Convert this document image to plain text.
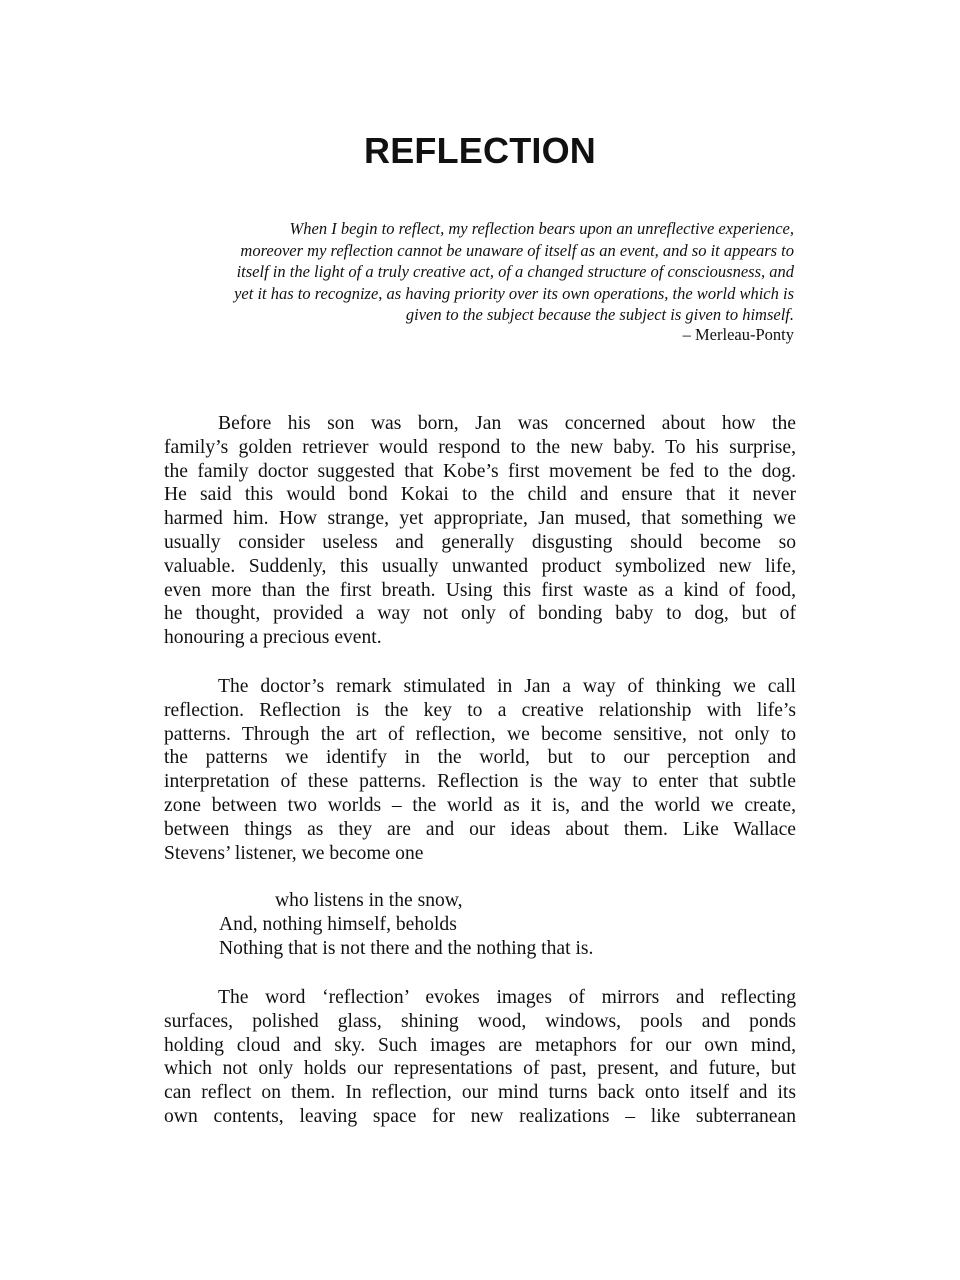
REFLECTION
When I begin to reflect, my reflection bears upon an unreflective experience,
moreover my reflection cannot be unaware of itself as an event, and so it appears to
itself in the light of a truly creative act, of a changed structure of consciousness, and
yet it has to recognize, as having priority over its own operations, the world which is
given to the subject because the subject is given to himself.
– Merleau-Ponty
Before his son was born, Jan was concerned about how the
family’s golden retriever would respond to the new baby. To his surprise,
the family doctor suggested that Kobe’s first movement be fed to the dog.
He said this would bond Kokai to the child and ensure that it never
harmed him. How strange, yet appropriate, Jan mused, that something we
usually consider useless and generally disgusting should become so
valuable. Suddenly, this usually unwanted product symbolized new life,
even more than the first breath. Using this first waste as a kind of food,
he thought, provided a way not only of bonding baby to dog, but of
honouring a precious event.
The doctor’s remark stimulated in Jan a way of thinking we call
reflection. Reflection is the key to a creative relationship with life’s
patterns. Through the art of reflection, we become sensitive, not only to
the patterns we identify in the world, but to our perception and
interpretation of these patterns. Reflection is the way to enter that subtle
zone between two worlds – the world as it is, and the world we create,
between things as they are and our ideas about them. Like Wallace
Stevens’ listener, we become one
who listens in the snow,
And, nothing himself, beholds
Nothing that is not there and the nothing that is.
The word ‘reflection’ evokes images of mirrors and reflecting
surfaces, polished glass, shining wood, windows, pools and ponds
holding cloud and sky. Such images are metaphors for our own mind,
which not only holds our representations of past, present, and future, but
can reflect on them. In reflection, our mind turns back onto itself and its
own contents, leaving space for new realizations – like subterranean
